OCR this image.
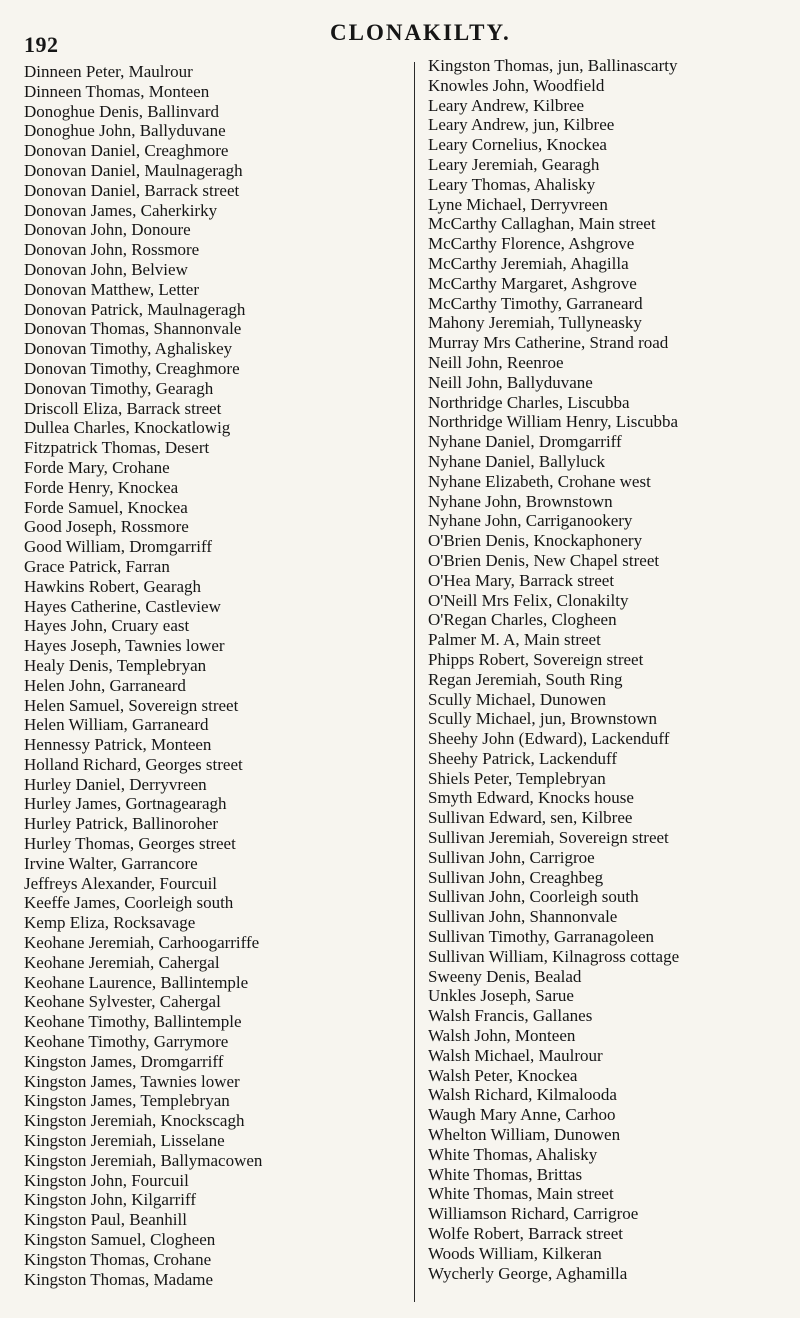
192	CLONAKILTY.
Dinneen Peter, Maulrour
Dinneen Thomas, Monteen
Donoghue Denis, Ballinvard
Donoghue John, Ballyduvane
Donovan Daniel, Creaghmore
Donovan Daniel, Maulnageragh
Donovan Daniel, Barrack street
Donovan James, Caherkirky
Donovan John, Donoure
Donovan John, Rossmore
Donovan John, Belview
Donovan Matthew, Letter
Donovan Patrick, Maulnageragh
Donovan Thomas, Shannonvale
Donovan Timothy, Aghaliskey
Donovan Timothy, Creaghmore
Donovan Timothy, Gearagh
Driscoll Eliza, Barrack street
Dullea Charles, Knockatlowig
Fitzpatrick Thomas, Desert
Forde Mary, Crohane
Forde Henry, Knockea
Forde Samuel, Knockea
Good Joseph, Rossmore
Good William, Dromgarriff
Grace Patrick, Farran
Hawkins Robert, Gearagh
Hayes Catherine, Castleview
Hayes John, Cruary east
Hayes Joseph, Tawnies lower
Healy Denis, Templebryan
Helen John, Garraneard
Helen Samuel, Sovereign street
Helen William, Garraneard
Hennessy Patrick, Monteen
Holland Richard, Georges street
Hurley Daniel, Derryvreen
Hurley James, Gortnagearagh
Hurley Patrick, Ballinoroher
Hurley Thomas, Georges street
Irvine Walter, Garrancore
Jeffreys Alexander, Fourcuil
Keeffe James, Coorleigh south
Kemp Eliza, Rocksavage
Keohane Jeremiah, Carhoogarriffe
Keohane Jeremiah, Cahergal
Keohane Laurence, Ballintemple
Keohane Sylvester, Cahergal
Keohane Timothy, Ballintemple
Keohane Timothy, Garrymore
Kingston James, Dromgarriff
Kingston James, Tawnies lower
Kingston James, Templebryan
Kingston Jeremiah, Knockscagh
Kingston Jeremiah, Lisselane
Kingston Jeremiah, Ballymacowen
Kingston John, Fourcuil
Kingston John, Kilgarriff
Kingston Paul, Beanhill
Kingston Samuel, Clogheen
Kingston Thomas, Crohane
Kingston Thomas, Madame
Kingston Thomas, jun, Ballinascarty
Knowles John, Woodfield
Leary Andrew, Kilbree
Leary Andrew, jun, Kilbree
Leary Cornelius, Knockea
Leary Jeremiah, Gearagh
Leary Thomas, Ahalisky
Lyne Michael, Derryvreen
McCarthy Callaghan, Main street
McCarthy Florence, Ashgrove
McCarthy Jeremiah, Ahagilla
McCarthy Margaret, Ashgrove
McCarthy Timothy, Garraneard
Mahony Jeremiah, Tullyneasky
Murray Mrs Catherine, Strand road
Neill John, Reenroe
Neill John, Ballyduvane
Northridge Charles, Liscubba
Northridge William Henry, Liscubba
Nyhane Daniel, Dromgarriff
Nyhane Daniel, Ballyluck
Nyhane Elizabeth, Crohane west
Nyhane John, Brownstown
Nyhane John, Carriganookery
O'Brien Denis, Knockaphonery
O'Brien Denis, New Chapel street
O'Hea Mary, Barrack street
O'Neill Mrs Felix, Clonakilty
O'Regan Charles, Clogheen
Palmer M. A, Main street
Phipps Robert, Sovereign street
Regan Jeremiah, South Ring
Scully Michael, Dunowen
Scully Michael, jun, Brownstown
Sheehy John (Edward), Lackenduff
Sheehy Patrick, Lackenduff
Shiels Peter, Templebryan
Smyth Edward, Knocks house
Sullivan Edward, sen, Kilbree
Sullivan Jeremiah, Sovereign street
Sullivan John, Carrigroe
Sullivan John, Creaghbeg
Sullivan John, Coorleigh south
Sullivan John, Shannonvale
Sullivan Timothy, Garranagoleen
Sullivan William, Kilnagross cottage
Sweeny Denis, Bealad
Unkles Joseph, Sarue
Walsh Francis, Gallanes
Walsh John, Monteen
Walsh Michael, Maulrour
Walsh Peter, Knockea
Walsh Richard, Kilmalooda
Waugh Mary Anne, Carhoo
Whelton William, Dunowen
White Thomas, Ahalisky
White Thomas, Brittas
White Thomas, Main street
Williamson Richard, Carrigroe
Wolfe Robert, Barrack street
Woods William, Kilkeran
Wycherly George, Aghamilla
